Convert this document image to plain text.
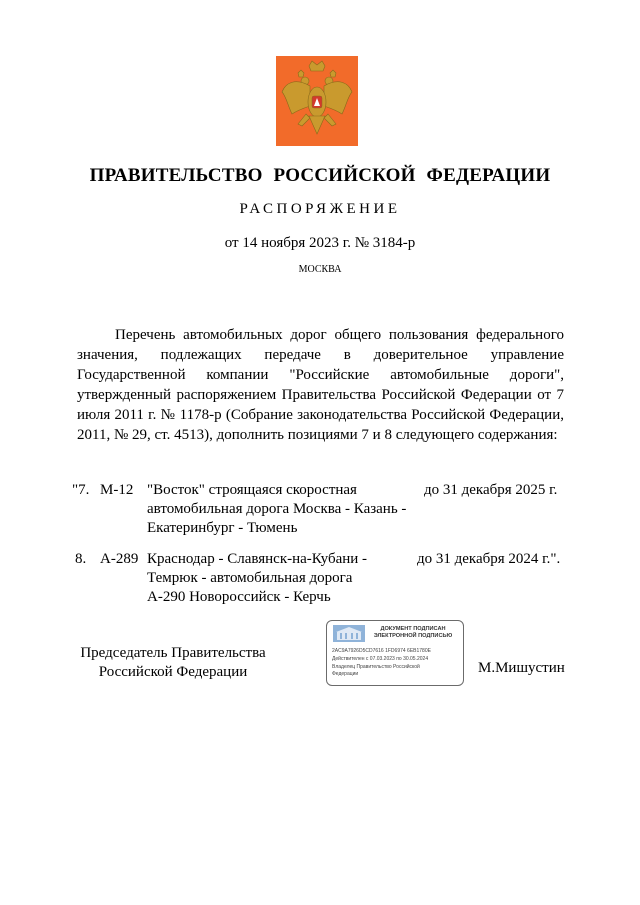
ПРАВИТЕЛЬСТВО РОССИЙСКОЙ ФЕДЕРАЦИИ
РАСПОРЯЖЕНИЕ
от 14 ноября 2023 г. № 3184-р
МОСКВА

Перечень автомобильных дорог общего пользования федерального значения, подлежащих передаче в доверительное управление Государственной компании "Российские автомобильные дороги", утвержденный распоряжением Правительства Российской Федерации от 7 июля 2011 г. № 1178-р (Собрание законодательства Российской Федерации, 2011, № 29, ст. 4513), дополнить позициями 7 и 8 следующего содержания:

"7. М-12 "Восток" строящаяся скоростная
автомобильная дорога Москва - Казань -
Екатеринбург - Тюмень
до 31 декабря 2025 г.
8. А-289 Краснодар - Славянск-на-Кубани -
Темрюк - автомобильная дорога
А-290 Новороссийск - Керчь
до 31 декабря 2024 г.".
Председатель Правительства
Российской Федерации
ДОКУМЕНТ ПОДПИСАН
ЭЛЕКТРОННОЙ ПОДПИСЬЮ
2AC9A7926D5CD7616 1FD6974 6EB1780E
Действителен с 07.03.2023 по 30.05.2024
Владелец Правительство Российской
Федерации	М.Мишустин
